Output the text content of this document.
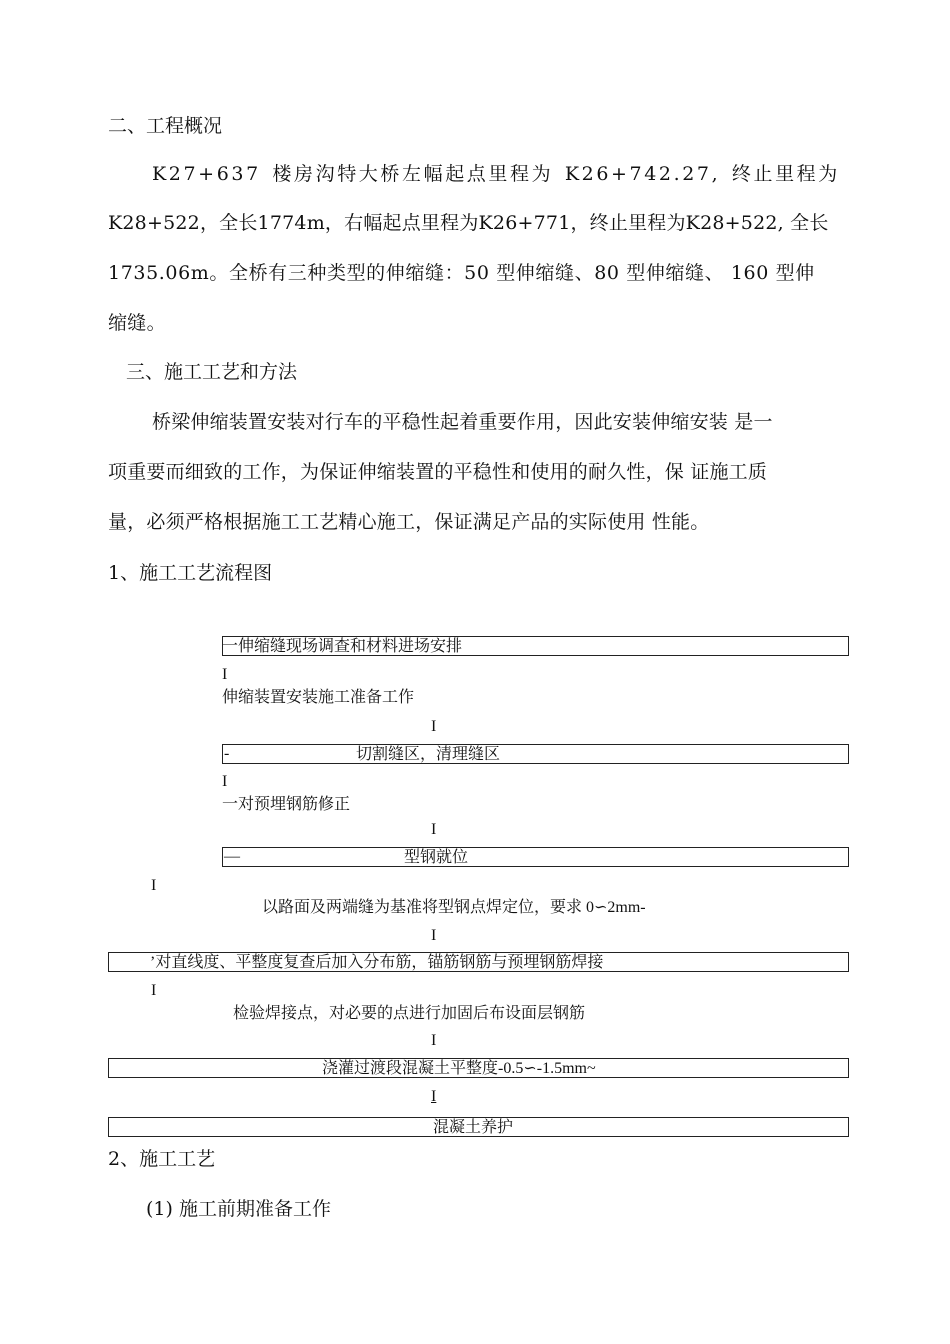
二、工程概况
K27+637 楼房沟特大桥左幅起点里程为 K26+742.27, 终止里程为
K28+522，全长1774m，右幅起点里程为K26+771，终止里程为K28+522, 全长
1735.06m。全桥有三种类型的伸缩缝：50 型伸缩缝、80 型伸缩缝、 160 型伸
缩缝。
三、施工工艺和方法
桥梁伸缩装置安装对行车的平稳性起着重要作用，因此安装伸缩安装 是一
项重要而细致的工作，为保证伸缩装置的平稳性和使用的耐久性，保 证施工质
量，必须严格根据施工工艺精心施工，保证满足产品的实际使用 性能。
1、施工工艺流程图
一伸缩缝现场调查和材料进场安排
I
伸缩装置安装施工准备工作
I
-	切割缝区，清理缝区
I
一对预埋钢筋修正
I
—	型钢就位
I
以路面及两端缝为基准将型钢点焊定位，要求 0∽2mm-
I
’对直线度、平整度复查后加入分布筋，锚筋钢筋与预埋钢筋焊接
I
检验焊接点，对必要的点进行加固后布设面层钢筋
I
浇灌过渡段混凝土平整度-0.5∽-1.5mm~
I
混凝土养护
2、施工工艺
(1) 施工前期准备工作
